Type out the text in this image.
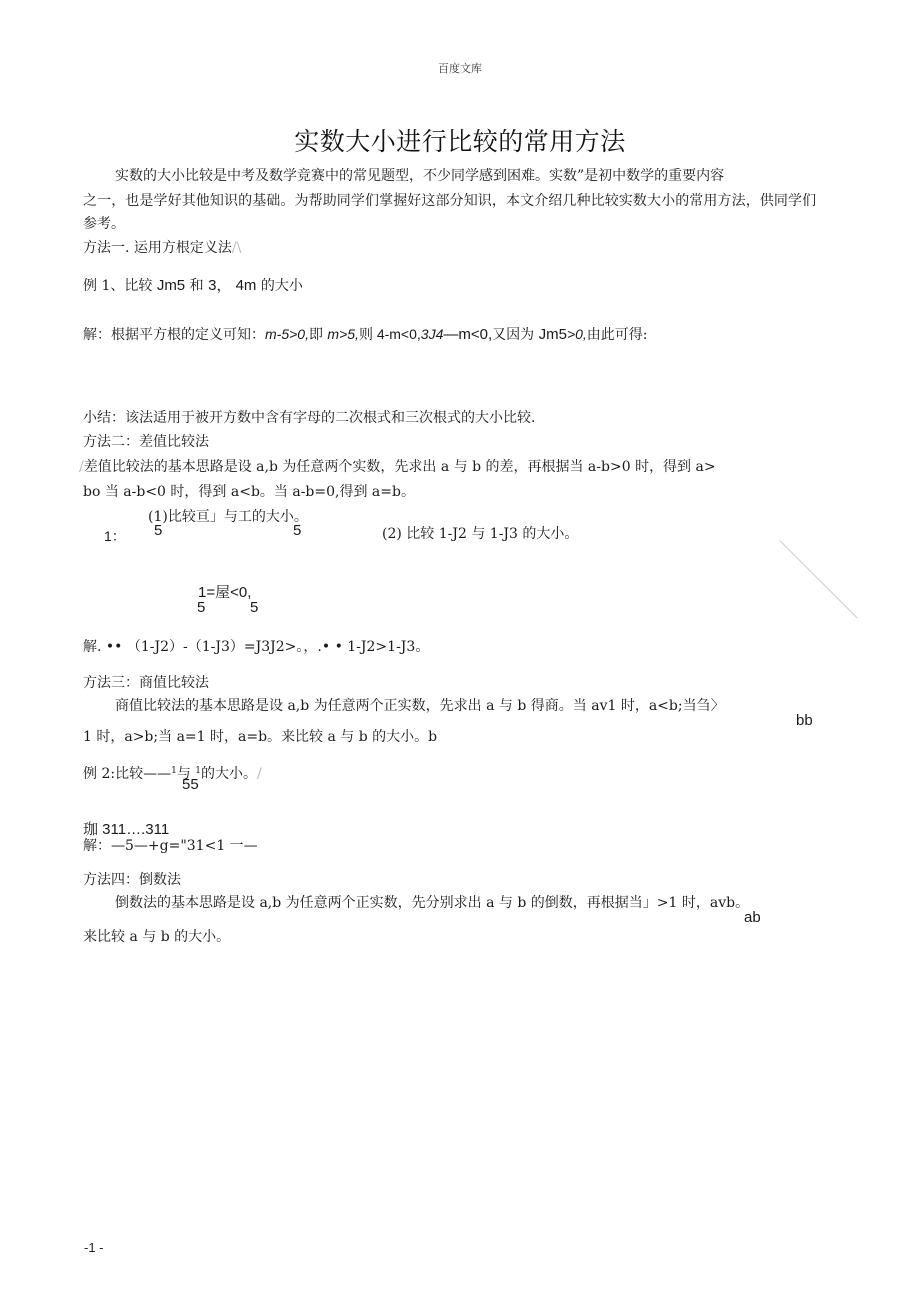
百度文库
实数大小进行比较的常用方法
实数的大小比较是中考及数学竞赛中的常见题型，不少同学感到困难。实数”是初中数学的重要内容
之一，也是学好其他知识的基础。为帮助同学们掌握好这部分知识，本文介绍几种比较实数大小的常用方法，供同学们
参考。
方法一. 运用方根定义法/\
例 1、比较 Jm5 和 3， 4m 的大小
解：根据平方根的定义可知：m-5>0,即 m>5,则 4-m<0,3J4—m<0,又因为 Jm5>0,由此可得:
小结：该法适用于被开方数中含有字母的二次根式和三次根式的大小比较.
方法二：差值比较法
/差值比较法的基本思路是设 a,b 为任意两个实数，先求出 a 与 b 的差，再根据当 a-b>0 时，得到 a>
bo 当 a-b<0 时，得到 a<b。当 a-b=0,得到 a=b。
(1)比较亘」与工的大小。
1： 5	5	(2) 比较 1-J2 与 1-J3 的大小。
1=屋<0,
5	5
解. •• （1-J2）-（1-J3）=J3J2>。，.• • 1-J2>1-J3。
方法三：商值比较法
商值比较法的基本思路是设 a,b 为任意两个正实数，先求出 a 与 b 得商。当 av1 时，a<b;当刍〉
bb
1 时，a>b;当 a=1 时，a=b。来比较 a 与 b 的大小。b
例 2:比较——$^1$与 $^1$的大小。/
55
珈 311….311
解：—5—+g="31<1 一—
方法四：倒数法
倒数法的基本思路是设 a,b 为任意两个正实数，先分别求出 a 与 b 的倒数，再根据当」>1 时，avb。
ab
来比较 a 与 b 的大小。
-1 -
